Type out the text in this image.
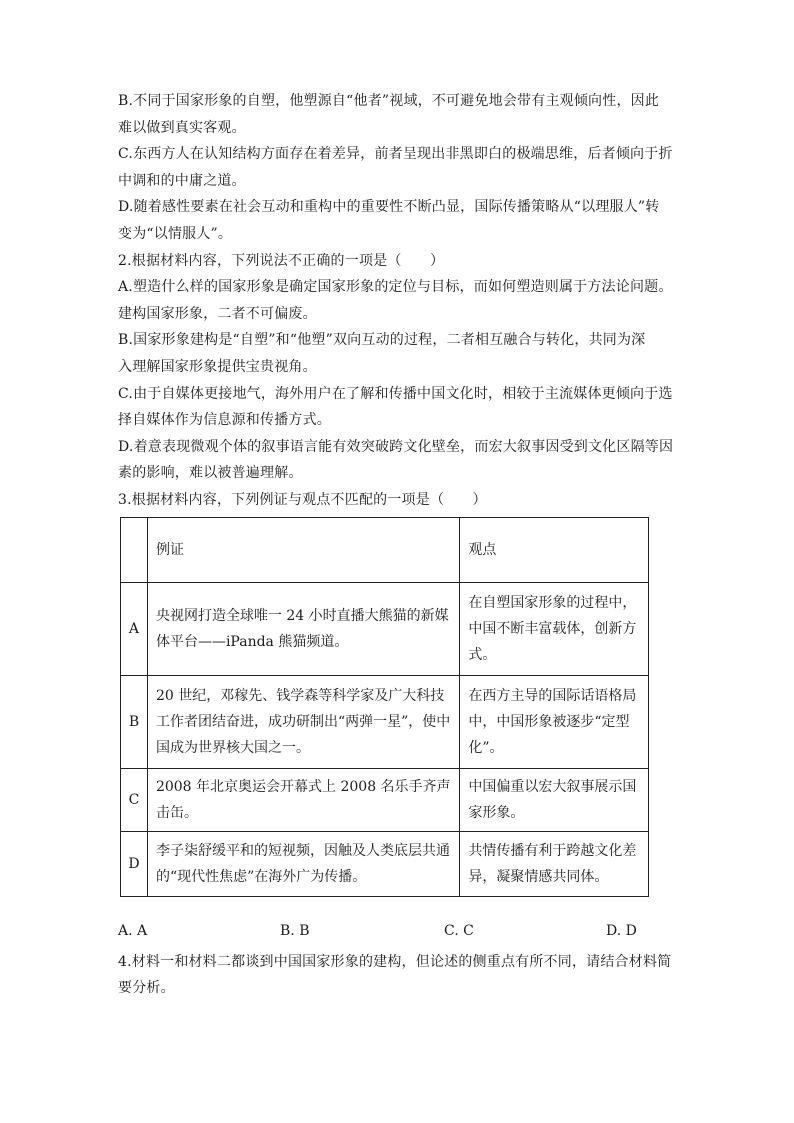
B.不同于国家形象的自塑，他塑源自“他者”视域，不可避免地会带有主观倾向性，因此

难以做到真实客观。

C.东西方人在认知结构方面存在着差异，前者呈现出非黑即白的极端思维，后者倾向于折

中调和的中庸之道。

D.随着感性要素在社会互动和重构中的重要性不断凸显，国际传播策略从“以理服人”转

变为“以情服人”。

2.根据材料内容，下列说法不正确的一项是（　　）

A.塑造什么样的国家形象是确定国家形象的定位与目标，而如何塑造则属于方法论问题。

建构国家形象，二者不可偏废。

B.国家形象建构是“自塑”和“他塑”双向互动的过程，二者相互融合与转化，共同为深

入理解国家形象提供宝贵视角。

C.由于自媒体更接地气，海外用户在了解和传播中国文化时，相较于主流媒体更倾向于选

择自媒体作为信息源和传播方式。

D.着意表现微观个体的叙事语言能有效突破跨文化壁垒，而宏大叙事因受到文化区隔等因

素的影响，难以被普遍理解。

3.根据材料内容，下列例证与观点不匹配的一项是（　　）

	例证	观点
A	央视网打造全球唯一 24 小时直播大熊猫的新媒体平台——iPanda 熊猫频道。	在自塑国家形象的过程中，中国不断丰富载体，创新方式。
B	20 世纪，邓稼先、钱学森等科学家及广大科技工作者团结奋进，成功研制出“两弹一星”，使中国成为世界核大国之一。	在西方主导的国际话语格局中，中国形象被逐步“定型化”。
C	2008 年北京奥运会开幕式上 2008 名乐手齐声击缶。	中国偏重以宏大叙事展示国家形象。
D	李子柒舒缓平和的短视频，因触及人类底层共通的“现代性焦虑”在海外广为传播。	共情传播有利于跨越文化差异，凝聚情感共同体。
A. A	B. B	C. C	D. D

4.材料一和材料二都谈到中国国家形象的建构，但论述的侧重点有所不同，请结合材料简

要分析。
